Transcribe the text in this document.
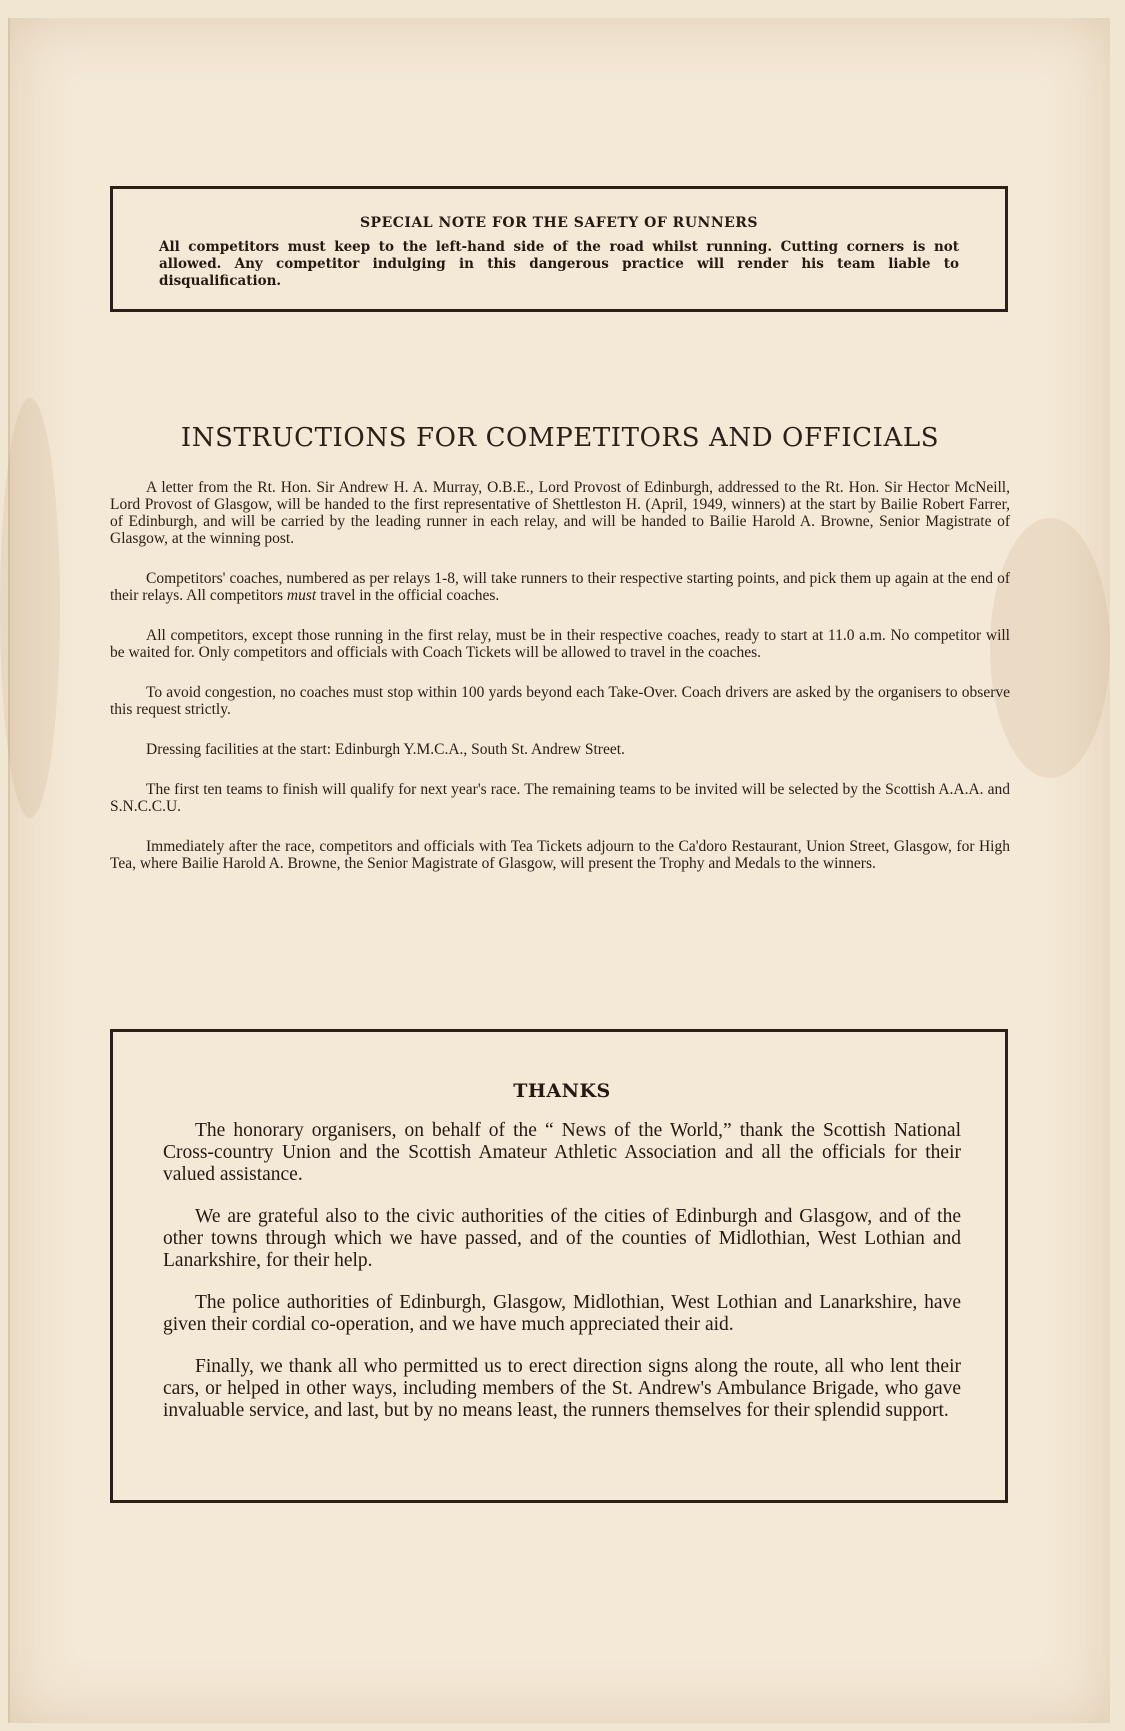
SPECIAL NOTE FOR THE SAFETY OF RUNNERS
All competitors must keep to the left-hand side of the road whilst running. Cutting corners is not allowed. Any competitor indulging in this dangerous practice will render his team liable to disqualification.
INSTRUCTIONS FOR COMPETITORS AND OFFICIALS

A letter from the Rt. Hon. Sir Andrew H. A. Murray, O.B.E., Lord Provost of Edinburgh, addressed to the Rt. Hon. Sir Hector McNeill, Lord Provost of Glasgow, will be handed to the first representative of Shettleston H. (April, 1949, winners) at the start by Bailie Robert Farrer, of Edinburgh, and will be carried by the leading runner in each relay, and will be handed to Bailie Harold A. Browne, Senior Magistrate of Glasgow, at the winning post.

Competitors' coaches, numbered as per relays 1-8, will take runners to their respective starting points, and pick them up again at the end of their relays. All competitors must travel in the official coaches.

All competitors, except those running in the first relay, must be in their respective coaches, ready to start at 11.0 a.m. No competitor will be waited for. Only competitors and officials with Coach Tickets will be allowed to travel in the coaches.

To avoid congestion, no coaches must stop within 100 yards beyond each Take-Over. Coach drivers are asked by the organisers to observe this request strictly.

Dressing facilities at the start: Edinburgh Y.M.C.A., South St. Andrew Street.

The first ten teams to finish will qualify for next year's race. The remaining teams to be invited will be selected by the Scottish A.A.A. and S.N.C.C.U.

Immediately after the race, competitors and officials with Tea Tickets adjourn to the Ca'doro Restaurant, Union Street, Glasgow, for High Tea, where Bailie Harold A. Browne, the Senior Magistrate of Glasgow, will present the Trophy and Medals to the winners.

THANKS

The honorary organisers, on behalf of the “ News of the World,” thank the Scottish National Cross-country Union and the Scottish Amateur Athletic Association and all the officials for their valued assistance.

We are grateful also to the civic authorities of the cities of Edinburgh and Glasgow, and of the other towns through which we have passed, and of the counties of Midlothian, West Lothian and Lanarkshire, for their help.

The police authorities of Edinburgh, Glasgow, Midlothian, West Lothian and Lanarkshire, have given their cordial co-operation, and we have much appreciated their aid.

Finally, we thank all who permitted us to erect direction signs along the route, all who lent their cars, or helped in other ways, including members of the St. Andrew's Ambulance Brigade, who gave invaluable service, and last, but by no means least, the runners themselves for their splendid support.
